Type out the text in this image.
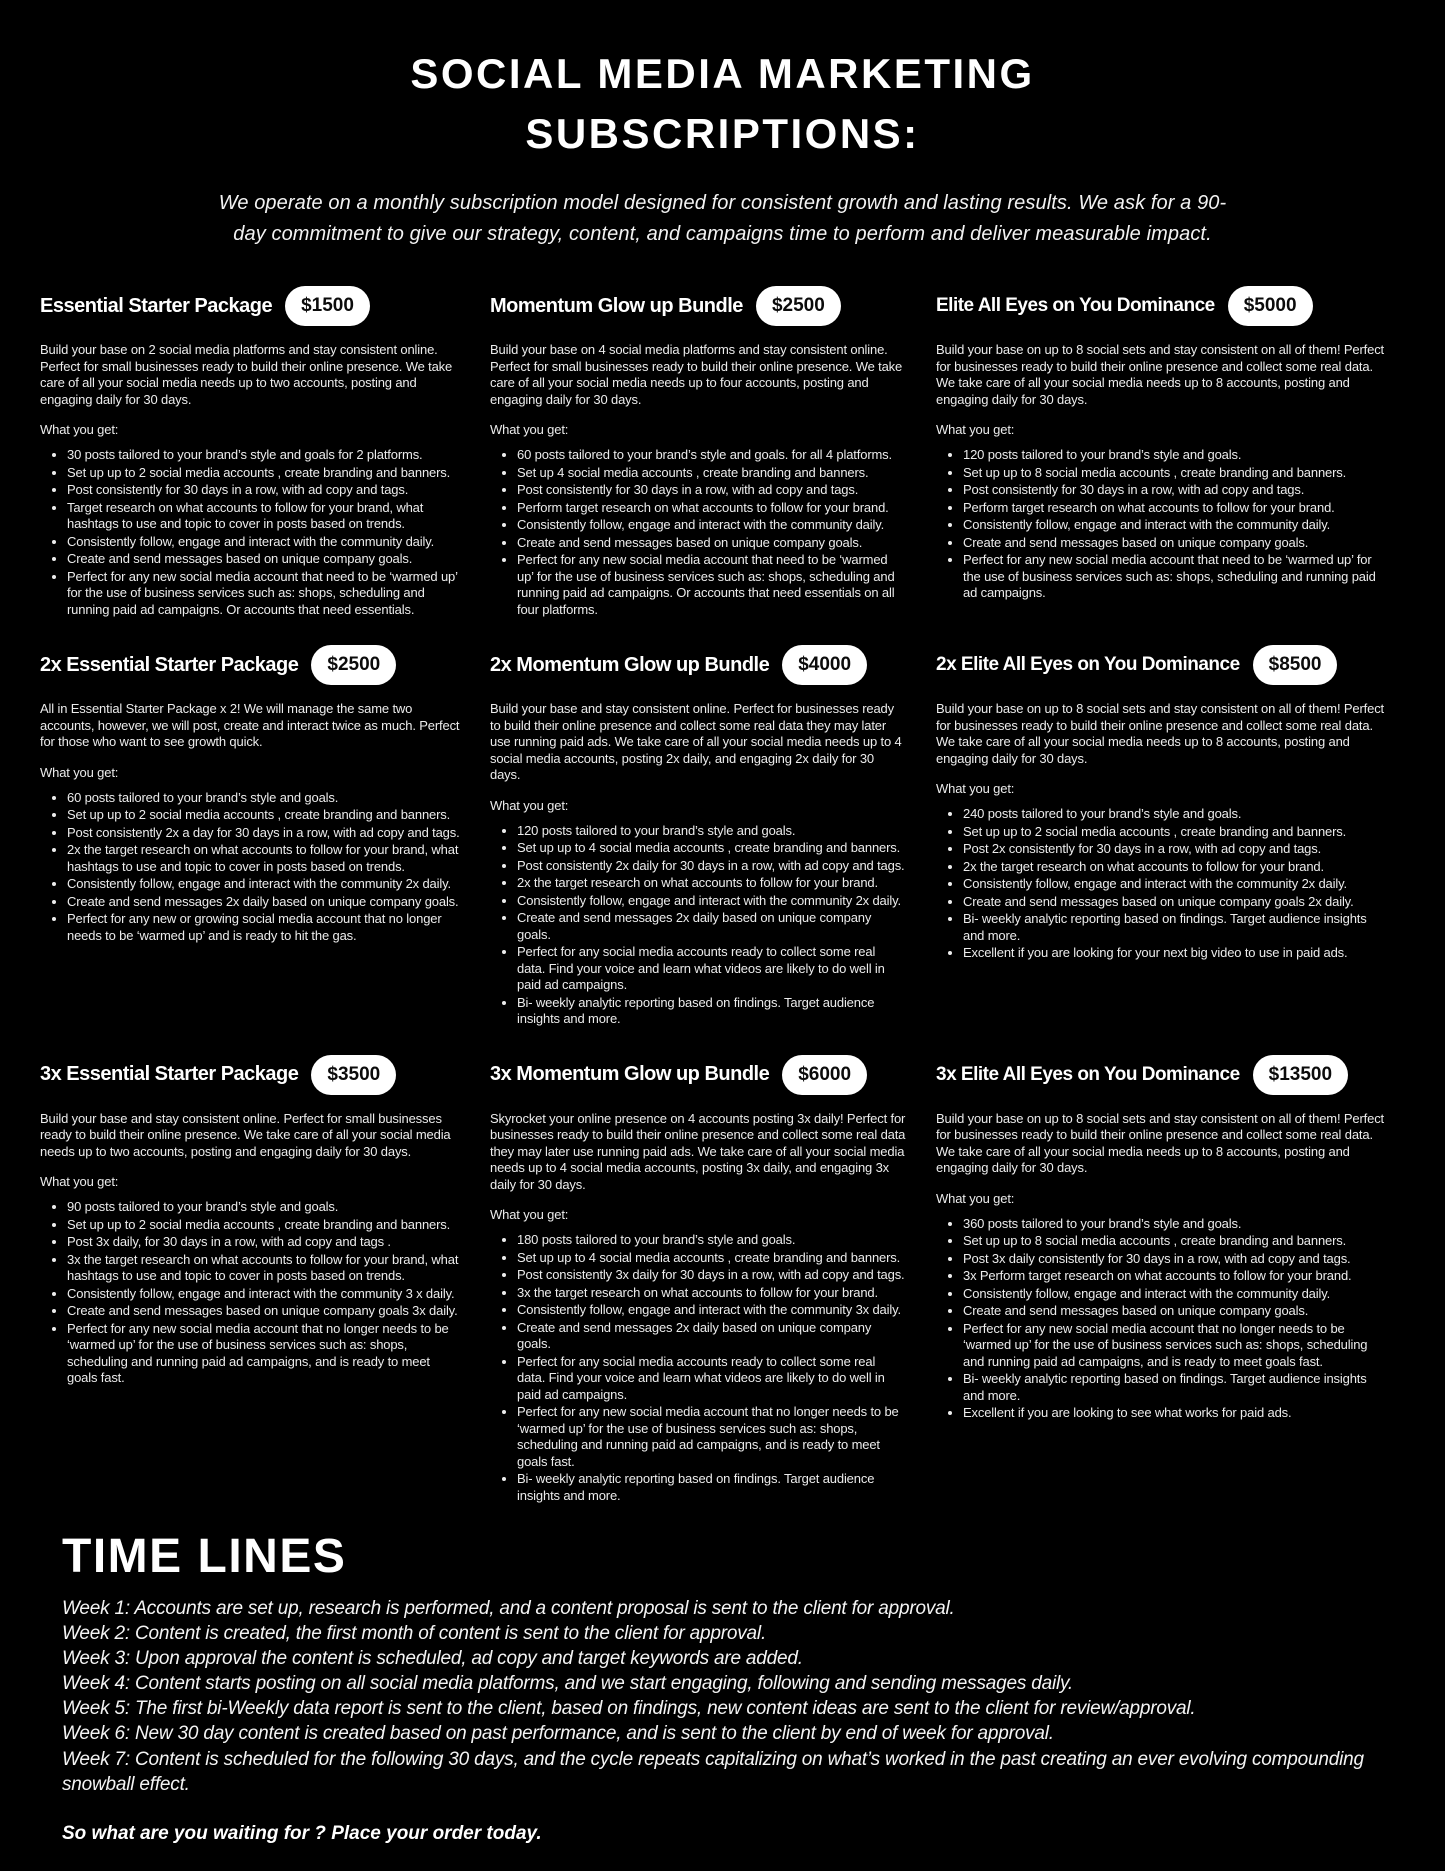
SOCIAL MEDIA MARKETING
SUBSCRIPTIONS:

We operate on a monthly subscription model designed for consistent growth and lasting results. We ask for a 90-day commitment to give our strategy, content, and campaigns time to perform and deliver measurable impact.

Essential Starter Package	$1500

Build your base on 2 social media platforms and stay consistent online. Perfect for small businesses ready to build their online presence. We take care of all your social media needs up to two accounts, posting and engaging daily for 30 days.

What you get:

• 30 posts tailored to your brand’s style and goals for 2 platforms.
• Set up up to 2 social media accounts , create branding and banners.
• Post consistently for 30 days in a row, with ad copy and tags.
• Target research on what accounts to follow for your brand, what hashtags to use and topic to cover in posts based on trends.
• Consistently follow, engage and interact with the community daily.
• Create and send messages based on unique company goals.
• Perfect for any new social media account that need to be ‘warmed up’ for the use of business services such as: shops, scheduling and running paid ad campaigns. Or accounts that need essentials.
Momentum Glow up Bundle	$2500

Build your base on 4 social media platforms and stay consistent online. Perfect for small businesses ready to build their online presence. We take care of all your social media needs up to four accounts, posting and engaging daily for 30 days.

What you get:

• 60 posts tailored to your brand’s style and goals. for all 4 platforms.
• Set up 4 social media accounts , create branding and banners.
• Post consistently for 30 days in a row, with ad copy and tags.
• Perform target research on what accounts to follow for your brand.
• Consistently follow, engage and interact with the community daily.
• Create and send messages based on unique company goals.
• Perfect for any new social media account that need to be ‘warmed up’ for the use of business services such as: shops, scheduling and running paid ad campaigns. Or accounts that need essentials on all four platforms.
Elite All Eyes on You Dominance	$5000

Build your base on up to 8 social sets and stay consistent on all of them! Perfect for businesses ready to build their online presence and collect some real data. We take care of all your social media needs up to 8 accounts, posting and engaging daily for 30 days.

What you get:

• 120 posts tailored to your brand’s style and goals.
• Set up up to 8 social media accounts , create branding and banners.
• Post consistently for 30 days in a row, with ad copy and tags.
• Perform target research on what accounts to follow for your brand.
• Consistently follow, engage and interact with the community daily.
• Create and send messages based on unique company goals.
• Perfect for any new social media account that need to be ‘warmed up’ for the use of business services such as: shops, scheduling and running paid ad campaigns.
2x Essential Starter Package	$2500

All in Essential Starter Package x 2! We will manage the same two accounts, however, we will post, create and interact twice as much. Perfect for those who want to see growth quick.

What you get:

• 60 posts tailored to your brand’s style and goals.
• Set up up to 2 social media accounts , create branding and banners.
• Post consistently 2x a day for 30 days in a row, with ad copy and tags.
• 2x the target research on what accounts to follow for your brand, what hashtags to use and topic to cover in posts based on trends.
• Consistently follow, engage and interact with the community 2x daily.
• Create and send messages 2x daily based on unique company goals.
• Perfect for any new or growing social media account that no longer needs to be ‘warmed up’ and is ready to hit the gas.
2x Momentum Glow up Bundle	$4000

Build your base and stay consistent online. Perfect for businesses ready to build their online presence and collect some real data they may later use running paid ads. We take care of all your social media needs up to 4 social media accounts, posting 2x daily, and engaging 2x daily for 30 days.

What you get:

• 120 posts tailored to your brand’s style and goals.
• Set up up to 4 social media accounts , create branding and banners.
• Post consistently 2x daily for 30 days in a row, with ad copy and tags.
• 2x the target research on what accounts to follow for your brand.
• Consistently follow, engage and interact with the community 2x daily.
• Create and send messages 2x daily based on unique company goals.
• Perfect for any social media accounts ready to collect some real data. Find your voice and learn what videos are likely to do well in paid ad campaigns.
• Bi- weekly analytic reporting based on findings. Target audience insights and more.
2x Elite All Eyes on You Dominance	$8500

Build your base on up to 8 social sets and stay consistent on all of them! Perfect for businesses ready to build their online presence and collect some real data. We take care of all your social media needs up to 8 accounts, posting and engaging daily for 30 days.

What you get:

• 240 posts tailored to your brand’s style and goals.
• Set up up to 2 social media accounts , create branding and banners.
• Post 2x consistently for 30 days in a row, with ad copy and tags.
• 2x the target research on what accounts to follow for your brand.
• Consistently follow, engage and interact with the community 2x daily.
• Create and send messages based on unique company goals 2x daily.
• Bi- weekly analytic reporting based on findings. Target audience insights and more.
• Excellent if you are looking for your next big video to use in paid ads.
3x Essential Starter Package	$3500

Build your base and stay consistent online. Perfect for small businesses ready to build their online presence. We take care of all your social media needs up to two accounts, posting and engaging daily for 30 days.

What you get:

• 90 posts tailored to your brand’s style and goals.
• Set up up to 2 social media accounts , create branding and banners.
• Post 3x daily, for 30 days in a row, with ad copy and tags .
• 3x the target research on what accounts to follow for your brand, what hashtags to use and topic to cover in posts based on trends.
• Consistently follow, engage and interact with the community 3 x daily.
• Create and send messages based on unique company goals 3x daily.
• Perfect for any new social media account that no longer needs to be ‘warmed up’ for the use of business services such as: shops, scheduling and running paid ad campaigns, and is ready to meet goals fast.
3x Momentum Glow up Bundle	$6000

Skyrocket your online presence on 4 accounts posting 3x daily! Perfect for businesses ready to build their online presence and collect some real data they may later use running paid ads. We take care of all your social media needs up to 4 social media accounts, posting 3x daily, and engaging 3x daily for 30 days.

What you get:

• 180 posts tailored to your brand’s style and goals.
• Set up up to 4 social media accounts , create branding and banners.
• Post consistently 3x daily for 30 days in a row, with ad copy and tags.
• 3x the target research on what accounts to follow for your brand.
• Consistently follow, engage and interact with the community 3x daily.
• Create and send messages 2x daily based on unique company goals.
• Perfect for any social media accounts ready to collect some real data. Find your voice and learn what videos are likely to do well in paid ad campaigns.
• Perfect for any new social media account that no longer needs to be ‘warmed up’ for the use of business services such as: shops, scheduling and running paid ad campaigns, and is ready to meet goals fast.
• Bi- weekly analytic reporting based on findings. Target audience insights and more.
3x Elite All Eyes on You Dominance	$13500

Build your base on up to 8 social sets and stay consistent on all of them! Perfect for businesses ready to build their online presence and collect some real data. We take care of all your social media needs up to 8 accounts, posting and engaging daily for 30 days.

What you get:

• 360 posts tailored to your brand’s style and goals.
• Set up up to 8 social media accounts , create branding and banners.
• Post 3x daily consistently for 30 days in a row, with ad copy and tags.
• 3x Perform target research on what accounts to follow for your brand.
• Consistently follow, engage and interact with the community daily.
• Create and send messages based on unique company goals.
• Perfect for any new social media account that no longer needs to be ‘warmed up’ for the use of business services such as: shops, scheduling and running paid ad campaigns, and is ready to meet goals fast.
• Bi- weekly analytic reporting based on findings. Target audience insights and more.
• Excellent if you are looking to see what works for paid ads.
TIME LINES

Week 1: Accounts are set up, research is performed, and a content proposal is sent to the client for approval.

Week 2: Content is created, the first month of content is sent to the client for approval.

Week 3: Upon approval the content is scheduled, ad copy and target keywords are added.

Week 4: Content starts posting on all social media platforms, and we start engaging, following and sending messages daily.

Week 5: The first bi-Weekly data report is sent to the client, based on findings, new content ideas are sent to the client for review/approval.

Week 6: New 30 day content is created based on past performance, and is sent to the client by end of week for approval.

Week 7: Content is scheduled for the following 30 days, and the cycle repeats capitalizing on what’s worked in the past creating an ever evolving compounding snowball effect.

So what are you waiting for ? Place your order today.
